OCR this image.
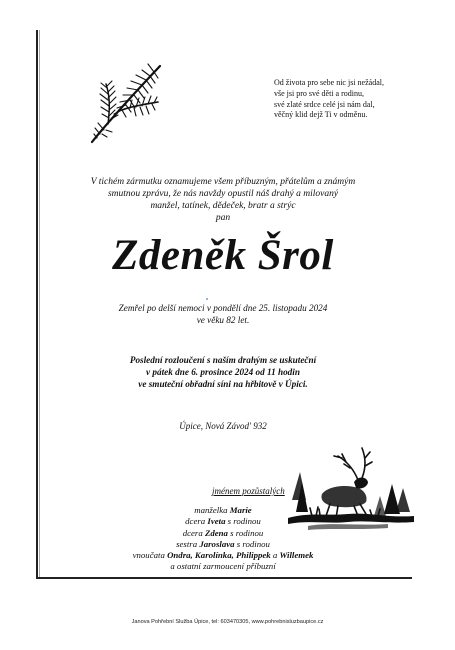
Od života pro sebe nic jsi nežádal,
vše jsi pro své děti a rodinu,
své zlaté srdce celé jsi nám dal,
věčný klid dejž Ti v odměnu.
V tichém zármutku oznamujeme všem příbuzným, přátelům a známým
smutnou zprávu, že nás navždy opustil náš drahý a milovaný
manžel, tatínek, dědeček, bratr a strýc
pan
Zdeněk Šrol
Zemřel po delší nemoci v pondělí dne 25. listopadu 2024
ve věku 82 let.
Poslední rozloučení s naším drahým se uskuteční
v pátek dne 6. prosince 2024 od 11 hodin
ve smuteční obřadní síni na hřbitově v Úpici.
Úpice, Nová Závod' 932
jménem pozůstalých
manželka Marie
dcera Iveta s rodinou
dcera Zdena s rodinou
sestra Jaroslava s rodinou
vnoučata Ondra, Karolínka, Philippek a Willemek
a ostatní zarmoucení příbuzní
Janova Pohřební Služba Úpice, tel: 603470305, www.pohrebnisluzbaupice.cz
